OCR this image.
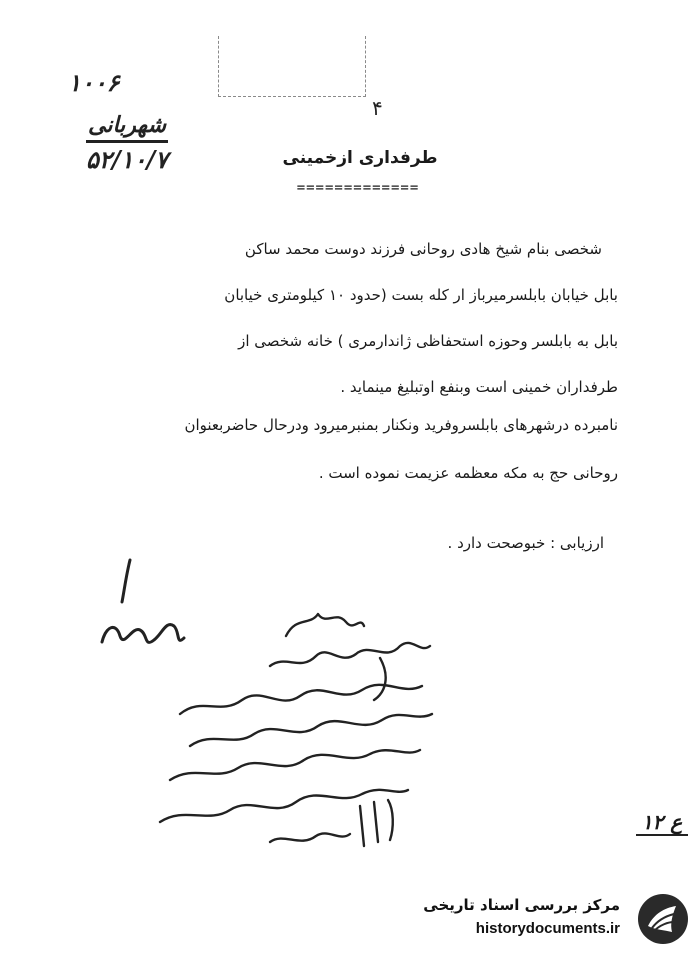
۱۰۰۶
شهربانی
۵۲/۱۰/۷
۴
طرفداری ازخمینی
=============
شخصی بنام شیخ هادی روحانی فرزند دوست محمد ساکن
بابل خیابان بابلسرمیرباز ار کله بست (حدود ۱۰ کیلومتری خیابان
بابل به بابلسر وحوزه استحفاظی ژاندارمری ) خانه شخصی از
طرفداران خمینی است وبنفع اوتبلیغ مینماید .
نامبرده درشهرهای بابلسروفرید ونکنار بمنبرمیرود ودرحال حاضربعنوان
روحانی حج به مکه معظمه عزیمت نموده است .
ارزیابی : خبوصحت دارد .
۱۲ ع
مرکز بررسی اسناد تاریخی
historydocuments.ir
